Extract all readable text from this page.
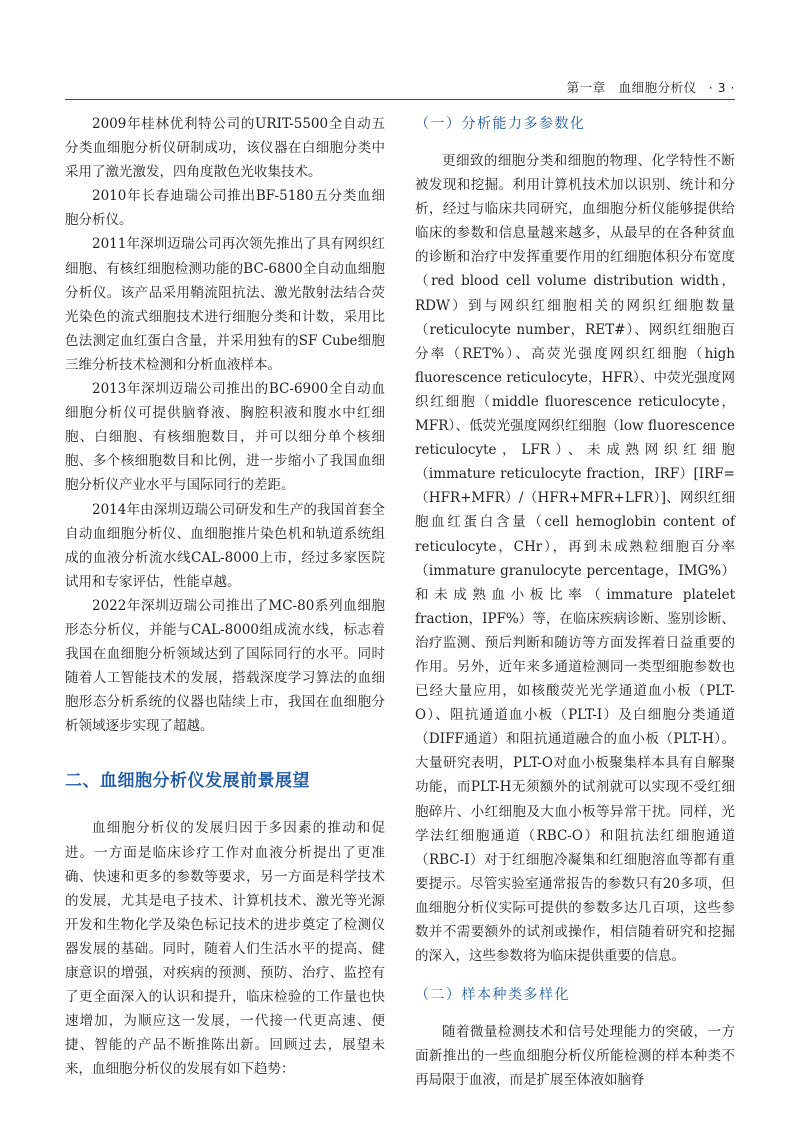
第一章　血细胞分析仪 · 3 ·

2009年桂林优利特公司的URIT-5500全自动五分类血细胞分析仪研制成功，该仪器在白细胞分类中采用了激光激发，四角度散色光收集技术。

2010年长春迪瑞公司推出BF-5180五分类血细胞分析仪。

2011年深圳迈瑞公司再次领先推出了具有网织红细胞、有核红细胞检测功能的BC-6800全自动血细胞分析仪。该产品采用鞘流阻抗法、激光散射法结合荧光染色的流式细胞技术进行细胞分类和计数，采用比色法测定血红蛋白含量，并采用独有的SF Cube细胞三维分析技术检测和分析血液样本。

2013年深圳迈瑞公司推出的BC-6900全自动血细胞分析仪可提供脑脊液、胸腔积液和腹水中红细胞、白细胞、有核细胞数目，并可以细分单个核细胞、多个核细胞数目和比例，进一步缩小了我国血细胞分析仪产业水平与国际同行的差距。

2014年由深圳迈瑞公司研发和生产的我国首套全自动血细胞分析仪、血细胞推片染色机和轨道系统组成的血液分析流水线CAL-8000上市，经过多家医院试用和专家评估，性能卓越。

2022年深圳迈瑞公司推出了MC-80系列血细胞形态分析仪，并能与CAL-8000组成流水线，标志着我国在血细胞分析领域达到了国际同行的水平。同时随着人工智能技术的发展，搭载深度学习算法的血细胞形态分析系统的仪器也陆续上市，我国在血细胞分析领域逐步实现了超越。

二、血细胞分析仪发展前景展望

血细胞分析仪的发展归因于多因素的推动和促进。一方面是临床诊疗工作对血液分析提出了更准确、快速和更多的参数等要求，另一方面是科学技术的发展，尤其是电子技术、计算机技术、激光等光源开发和生物化学及染色标记技术的进步奠定了检测仪器发展的基础。同时，随着人们生活水平的提高、健康意识的增强，对疾病的预测、预防、治疗、监控有了更全面深入的认识和提升，临床检验的工作量也快速增加，为顺应这一发展，一代接一代更高速、便捷、智能的产品不断推陈出新。回顾过去，展望未来，血细胞分析仪的发展有如下趋势：

（一）分析能力多参数化

更细致的细胞分类和细胞的物理、化学特性不断被发现和挖掘。利用计算机技术加以识别、统计和分析，经过与临床共同研究，血细胞分析仪能够提供给临床的参数和信息量越来越多，从最早的在各种贫血的诊断和治疗中发挥重要作用的红细胞体积分布宽度（red blood cell volume distribution width，RDW）到与网织红细胞相关的网织红细胞数量（reticulocyte number，RET#）、网织红细胞百分率（RET%）、高荧光强度网织红细胞（high fluorescence reticulocyte，HFR）、中荧光强度网织红细胞（middle fluorescence reticulocyte，MFR）、低荧光强度网织红细胞（low fluorescence reticulocyte，LFR）、未成熟网织红细胞（immature reticulocyte fraction，IRF）[IRF=（HFR+MFR）/（HFR+MFR+LFR）]、网织红细胞血红蛋白含量（cell hemoglobin content of reticulocyte，CHr），再到未成熟粒细胞百分率（immature granulocyte percentage，IMG%）和未成熟血小板比率（immature platelet fraction，IPF%）等，在临床疾病诊断、鉴别诊断、治疗监测、预后判断和随访等方面发挥着日益重要的作用。另外，近年来多通道检测同一类型细胞参数也已经大量应用，如核酸荧光光学通道血小板（PLT-O）、阻抗通道血小板（PLT-I）及白细胞分类通道（DIFF通道）和阻抗通道融合的血小板（PLT-H）。大量研究表明，PLT-O对血小板聚集样本具有自解聚功能，而PLT-H无须额外的试剂就可以实现不受红细胞碎片、小红细胞及大血小板等异常干扰。同样，光学法红细胞通道（RBC-O）和阻抗法红细胞通道（RBC-I）对于红细胞冷凝集和红细胞溶血等都有重要提示。尽管实验室通常报告的参数只有20多项，但血细胞分析仪实际可提供的参数多达几百项，这些参数并不需要额外的试剂或操作，相信随着研究和挖掘的深入，这些参数将为临床提供重要的信息。

（二）样本种类多样化

随着微量检测技术和信号处理能力的突破，一方面新推出的一些血细胞分析仪所能检测的样本种类不再局限于血液，而是扩展至体液如脑脊
